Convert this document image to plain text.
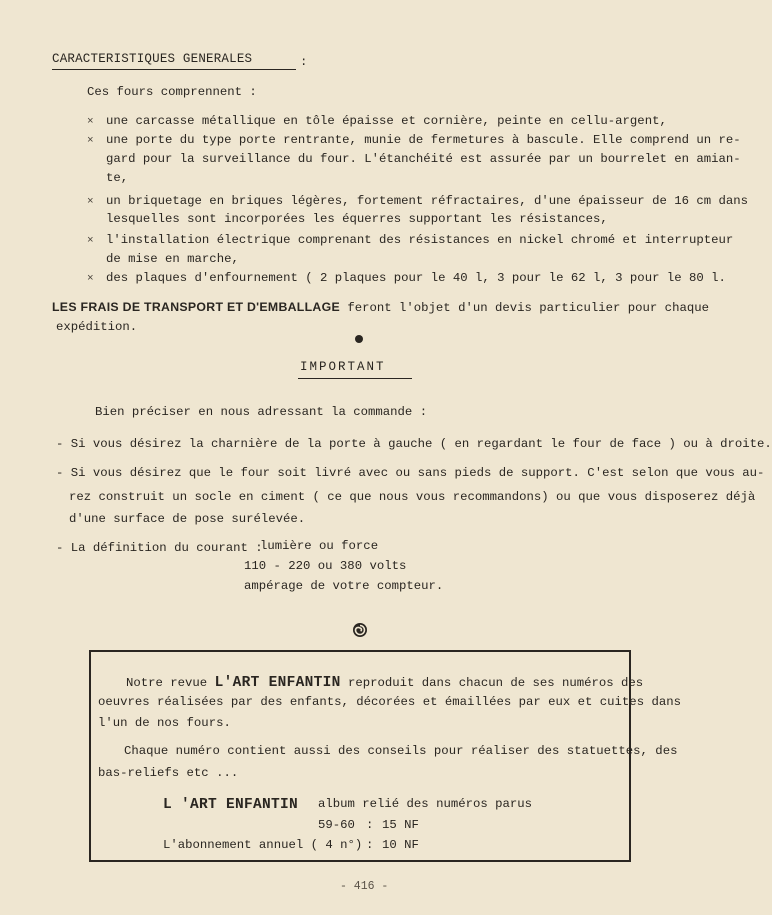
CARACTERISTIQUES GENERALES	:
Ces fours comprennent :
× une carcasse métallique en tôle épaisse et cornière, peinte en cellu-argent,
× une porte du type porte rentrante, munie de fermetures à bascule. Elle comprend un re-
gard pour la surveillance du four. L'étanchéité est assurée par un bourrelet en amian-
te,
× un briquetage en briques légères, fortement réfractaires, d'une épaisseur de 16 cm dans
lesquelles sont incorporées les équerres supportant les résistances,
× l'installation électrique comprenant des résistances en nickel chromé et interrupteur
de mise en marche,
× des plaques d'enfournement ( 2 plaques pour le 40 l, 3 pour le 62 l, 3 pour le 80 l.
LES FRAIS DE TRANSPORT ET D'EMBALLAGE feront l'objet d'un devis particulier pour chaque
expédition.
IMPORTANT
Bien préciser en nous adressant la commande :
- Si vous désirez la charnière de la porte à gauche ( en regardant le four de face ) ou à droite.
- Si vous désirez que le four soit livré avec ou sans pieds de support. C'est selon que vous au-
rez construit un socle en ciment ( ce que nous vous recommandons) ou que vous disposerez déjà
d'une surface de pose surélevée.
- La définition du courant :
lumière ou force
110 - 220 ou 380 volts
ampérage de votre compteur.
Notre revue L'ART ENFANTIN reproduit dans chacun de ses numéros des
oeuvres réalisées par des enfants, décorées et émaillées par eux et cuites dans
l'un de nos fours.
Chaque numéro contient aussi des conseils pour réaliser des statuettes, des
bas-reliefs etc ...
L 'ART ENFANTIN album relié des numéros parus
59-60 : 15 NF
L'abonnement annuel ( 4 n°) : 10 NF
- 416 -
